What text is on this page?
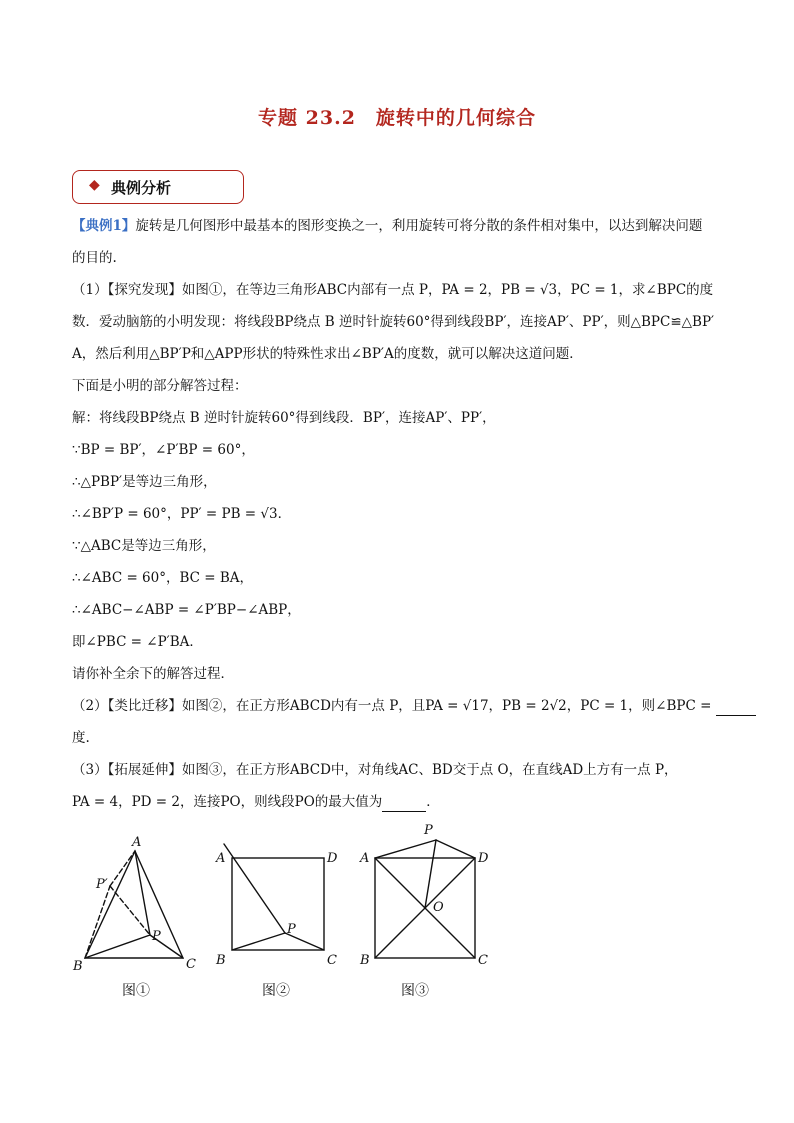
专题 23.2　旋转中的几何综合
◆ 典例分析
【典例1】旋转是几何图形中最基本的图形变换之一，利用旋转可将分散的条件相对集中，以达到解决问题
的目的.
（1）【探究发现】如图①，在等边三角形ABC内部有一点 P，PA = 2，PB = √3，PC = 1，求∠BPC的度
数．爱动脑筋的小明发现：将线段BP绕点 B 逆时针旋转60°得到线段BP′，连接AP′、PP′，则△BPC≌△BP′
A，然后利用△BP′P和△APP形状的特殊性求出∠BP′A的度数，就可以解决这道问题．
下面是小明的部分解答过程：
解：将线段BP绕点 B 逆时针旋转60°得到线段．BP′，连接AP′、PP′，
∵BP = BP′，∠P′BP = 60°，
∴△PBP′是等边三角形，
∴∠BP′P = 60°，PP′ = PB = √3．
∵△ABC是等边三角形，
∴∠ABC = 60°，BC = BA，
∴∠ABC−∠ABP = ∠P′BP−∠ABP，
即∠PBC = ∠P′BA．
请你补全余下的解答过程．
（2）【类比迁移】如图②，在正方形ABCD内有一点 P，且PA = √17，PB = 2√2，PC = 1，则∠BPC =
度.
（3）【拓展延伸】如图③，在正方形ABCD中，对角线AC、BD交于点 O，在直线AD上方有一点 P，
PA = 4，PD = 2，连接PO，则线段PO的最大值为	．
A
B	C
P
P′
A	D
B	C
P
P
A	D
O
B	C
图①	图②	图③
